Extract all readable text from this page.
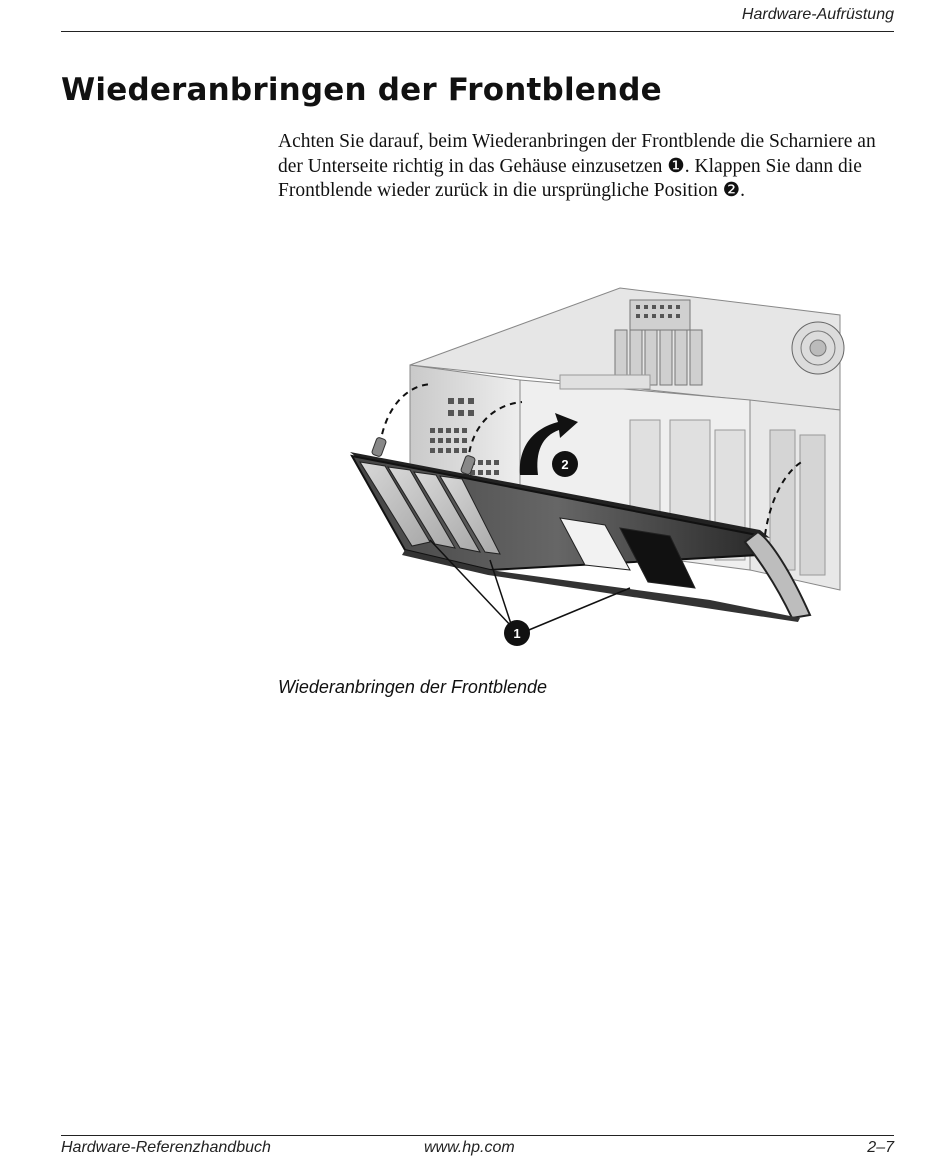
Hardware-Aufrüstung
Wiederanbringen der Frontblende

Achten Sie darauf, beim Wiederanbringen der Frontblende die Scharniere an der Unterseite richtig in das Gehäuse einzusetzen ❶. Klappen Sie dann die Frontblende wieder zurück in die ursprüngliche Position ❷.

1
2
Wiederanbringen der Frontblende
Hardware-Referenzhandbuch	www.hp.com	2–7
